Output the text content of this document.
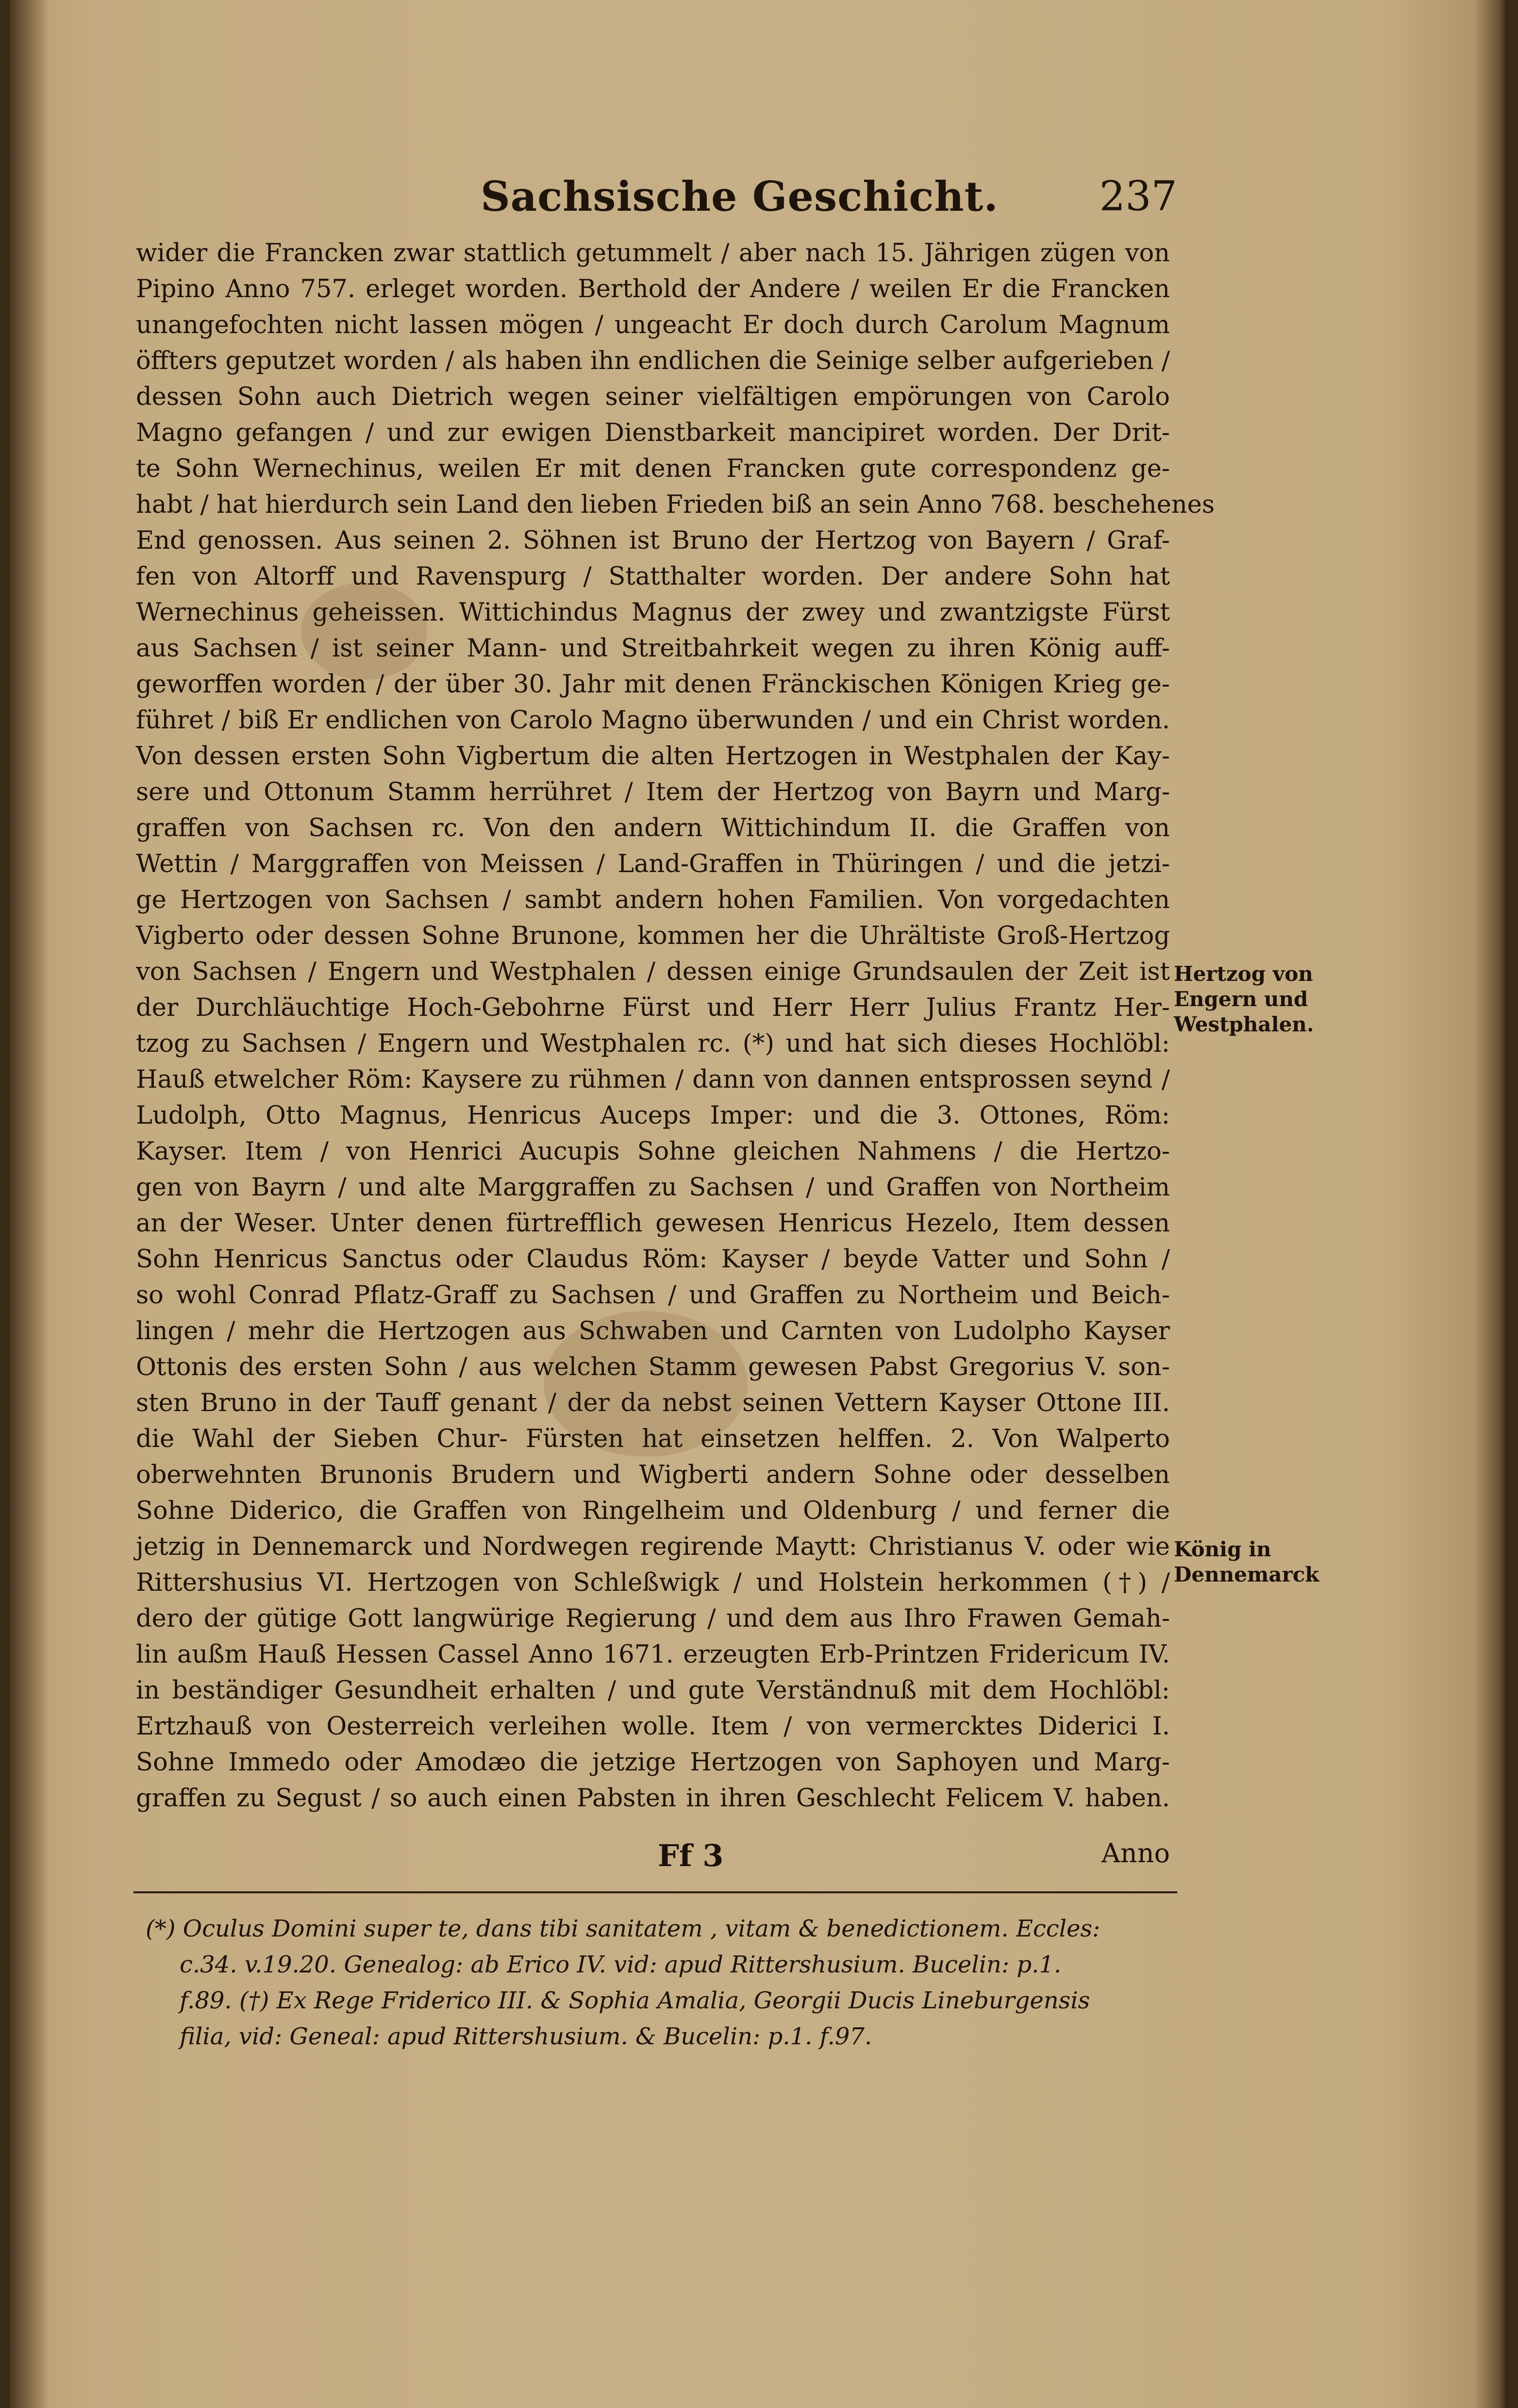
Sachsische Geschicht. 237

wider die Francken zwar stattlich getummelt / aber nach 15. Jährigen zügen von

Pipino Anno 757. erleget worden. Berthold der Andere / weilen Er die Francken

unangefochten nicht lassen mögen / ungeacht Er doch durch Carolum Magnum

öffters geputzet worden / als haben ihn endlichen die Seinige selber aufgerieben /

dessen Sohn auch Dietrich wegen seiner vielfältigen empörungen von Carolo

Magno gefangen / und zur ewigen Dienstbarkeit mancipiret worden. Der Drit-

te Sohn Wernechinus, weilen Er mit denen Francken gute correspondenz ge-

habt / hat hierdurch sein Land den lieben Frieden biß an sein Anno 768. beschehenes

End genossen. Aus seinen 2. Söhnen ist Bruno der Hertzog von Bayern / Graf-

fen von Altorff und Ravenspurg / Statthalter worden. Der andere Sohn hat

Wernechinus geheissen. Wittichindus Magnus der zwey und zwantzigste Fürst

aus Sachsen / ist seiner Mann- und Streitbahrkeit wegen zu ihren König auff-

geworffen worden / der über 30. Jahr mit denen Fränckischen Königen Krieg ge-

führet / biß Er endlichen von Carolo Magno überwunden / und ein Christ worden.

Von dessen ersten Sohn Vigbertum die alten Hertzogen in Westphalen der Kay-

sere und Ottonum Stamm herrühret / Item der Hertzog von Bayrn und Marg-

graffen von Sachsen rc. Von den andern Wittichindum II. die Graffen von

Wettin / Marggraffen von Meissen / Land-Graffen in Thüringen / und die jetzi-

ge Hertzogen von Sachsen / sambt andern hohen Familien. Von vorgedachten

Vigberto oder dessen Sohne Brunone, kommen her die Uhrältiste Groß-Hertzog

von Sachsen / Engern und Westphalen / dessen einige Grundsaulen der Zeit ist

der Durchläuchtige Hoch-Gebohrne Fürst und Herr Herr Julius Frantz Her-

tzog zu Sachsen / Engern und Westphalen rc. (*) und hat sich dieses Hochlöbl:

Hauß etwelcher Röm: Kaysere zu rühmen / dann von dannen entsprossen seynd /

Ludolph, Otto Magnus, Henricus Auceps Imper: und die 3. Ottones, Röm:

Kayser. Item / von Henrici Aucupis Sohne gleichen Nahmens / die Hertzo-

gen von Bayrn / und alte Marggraffen zu Sachsen / und Graffen von Northeim

an der Weser. Unter denen fürtrefflich gewesen Henricus Hezelo, Item dessen

Sohn Henricus Sanctus oder Claudus Röm: Kayser / beyde Vatter und Sohn /

so wohl Conrad Pflatz-Graff zu Sachsen / und Graffen zu Northeim und Beich-

lingen / mehr die Hertzogen aus Schwaben und Carnten von Ludolpho Kayser

Ottonis des ersten Sohn / aus welchen Stamm gewesen Pabst Gregorius V. son-

sten Bruno in der Tauff genant / der da nebst seinen Vettern Kayser Ottone III.

die Wahl der Sieben Chur- Fürsten hat einsetzen helffen. 2. Von Walperto

oberwehnten Brunonis Brudern und Wigberti andern Sohne oder desselben

Sohne Diderico, die Graffen von Ringelheim und Oldenburg / und ferner die

jetzig in Dennemarck und Nordwegen regirende Maytt: Christianus V. oder wie

Rittershusius VI. Hertzogen von Schleßwigk / und Holstein herkommen (†) /

dero der gütige Gott langwürige Regierung / und dem aus Ihro Frawen Gemah-

lin außm Hauß Hessen Cassel Anno 1671. erzeugten Erb-Printzen Fridericum IV.

in beständiger Gesundheit erhalten / und gute Verständnuß mit dem Hochlöbl:

Ertzhauß von Oesterreich verleihen wolle. Item / von vermercktes Diderici I.

Sohne Immedo oder Amodæo die jetzige Hertzogen von Saphoyen und Marg-

graffen zu Segust / so auch einen Pabsten in ihren Geschlecht Felicem V. haben.

Hertzog von
Engern und
Westphalen.
König in
Dennemarck
Ff 3	Anno

(*) Oculus Domini super te, dans tibi sanitatem , vitam & benedictionem. Eccles:

c.34. v.19.20. Genealog: ab Erico IV. vid: apud Rittershusium. Bucelin: p.1.

f.89. (†) Ex Rege Friderico III. & Sophia Amalia, Georgii Ducis Lineburgensis

filia, vid: Geneal: apud Rittershusium. & Bucelin: p.1. f.97.
